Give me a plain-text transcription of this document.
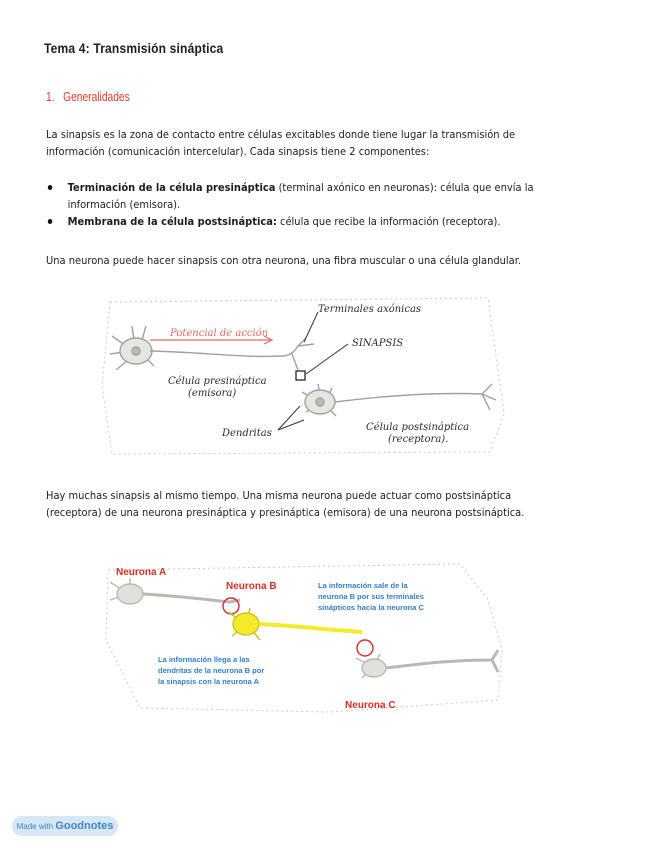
Tema 4: Transmisión sináptica
1.   Generalidades
La sinapsis es la zona de contacto entre células excitables donde tiene lugar la transmisión de información (comunicación intercelular). Cada sinapsis tiene 2 componentes:
Terminación de la célula presináptica (terminal axónico en neuronas): célula que envía la información (emisora).
Membrana de la célula postsináptica: célula que recibe la información (receptora).
Una neurona puede hacer sinapsis con otra neurona, una fibra muscular o una célula glandular.
Potencial de acción
Terminales axónicas
SINAPSIS
Célula presináptica
(emisora)
Dendritas
Célula postsináptica
(receptora).
Hay muchas sinapsis al mismo tiempo. Una misma neurona puede actuar como postsináptica (receptora) de una neurona presináptica y presináptica (emisora) de una neurona postsináptica.
Neurona A
Neurona B
Neurona C
La información sale de la
neurona B por sus terminales
sinápticos hacia la neurona C
La información llega a las
dendritas de la neurona B por
la sinapsis con la neurona A
Made with Goodnotes
